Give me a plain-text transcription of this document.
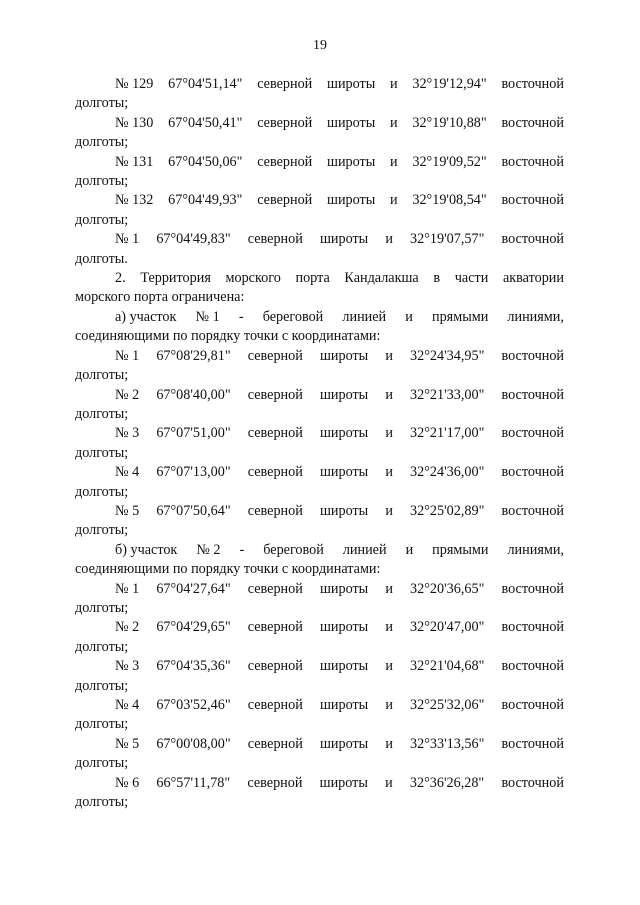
19
№ 129 67°04'51,14" северной широты и 32°19'12,94" восточной
долготы;
№ 130 67°04'50,41" северной широты и 32°19'10,88" восточной
долготы;
№ 131 67°04'50,06" северной широты и 32°19'09,52" восточной
долготы;
№ 132 67°04'49,93" северной широты и 32°19'08,54" восточной
долготы;
№ 1 67°04'49,83" северной широты и 32°19'07,57" восточной
долготы.
2. Территория морского порта Кандалакша в части акватории
морского порта ограничена:
а) участок № 1 - береговой линией и прямыми линиями,
соединяющими по порядку точки с координатами:
№ 1 67°08'29,81" северной широты и 32°24'34,95" восточной
долготы;
№ 2 67°08'40,00" северной широты и 32°21'33,00" восточной
долготы;
№ 3 67°07'51,00" северной широты и 32°21'17,00" восточной
долготы;
№ 4 67°07'13,00" северной широты и 32°24'36,00" восточной
долготы;
№ 5 67°07'50,64" северной широты и 32°25'02,89" восточной
долготы;
б) участок № 2 - береговой линией и прямыми линиями,
соединяющими по порядку точки с координатами:
№ 1 67°04'27,64" северной широты и 32°20'36,65" восточной
долготы;
№ 2 67°04'29,65" северной широты и 32°20'47,00" восточной
долготы;
№ 3 67°04'35,36" северной широты и 32°21'04,68" восточной
долготы;
№ 4 67°03'52,46" северной широты и 32°25'32,06" восточной
долготы;
№ 5 67°00'08,00" северной широты и 32°33'13,56" восточной
долготы;
№ 6 66°57'11,78" северной широты и 32°36'26,28" восточной
долготы;
